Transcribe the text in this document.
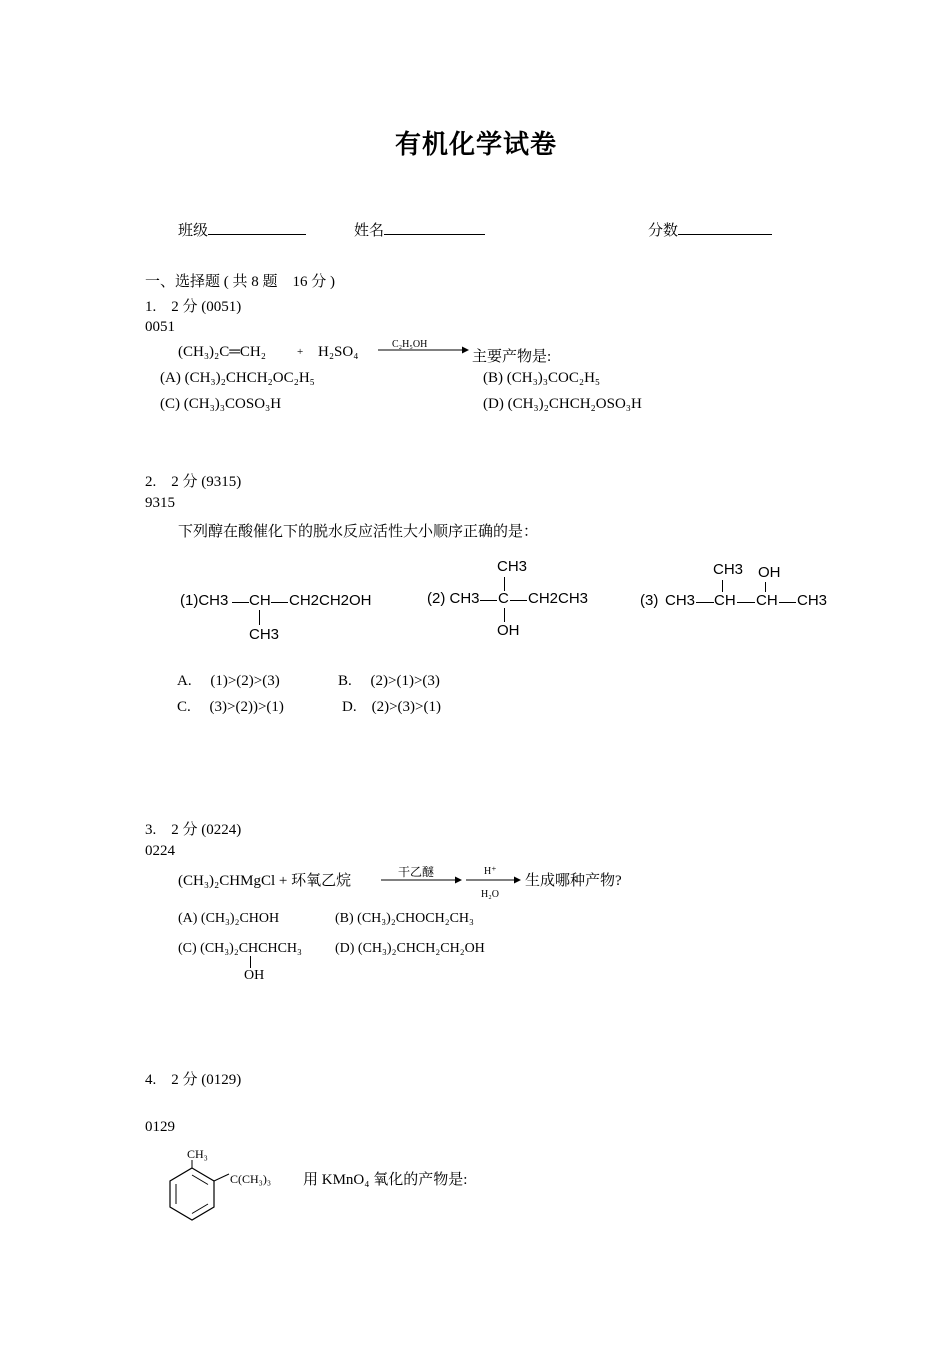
有机化学试卷
班级	姓名	分数
一、选择题 ( 共 8 题　16 分 )
1.　2 分 (0051)
0051
(CH₃)₂C═CH₂	+ H₂SO₄	C₂H₅OH
主要产物是:
(A) (CH₃)₂CHCH₂OC₂H₅	(B) (CH₃)₃COC₂H₅
(C) (CH₃)₃COSO₃H	(D) (CH₃)₂CHCH₂OSO₃H
2.　2 分 (9315)
9315
下列醇在酸催化下的脱水反应活性大小顺序正确的是：
(1)CH3 CH CH2CH2OH
CH3
CH3
(2) CH3 C CH2CH3
OH
CH3 OH
(3) CH3 CH CH CH3
A.　 (1)>(2)>(3)	B.　 (2)>(1)>(3)
C.　 (3)>(2))>(1)	D.　(2)>(3)>(1)
3.　2 分 (0224)
0224
(CH₃)₂CHMgCl + 环氧乙烷
干乙醚	H⁺
H₂O
生成哪种产物?
(A) (CH₃)₂CHOH	(B) (CH₃)₂CHOCH₂CH₃
(C) (CH₃)₂CHCHCH₃
OH
(D) (CH₃)₂CHCH₂CH₂OH
4.　2 分 (0129)
0129
CH₃
C(CH₃)₃ 用 KMnO₄ 氧化的产物是:
